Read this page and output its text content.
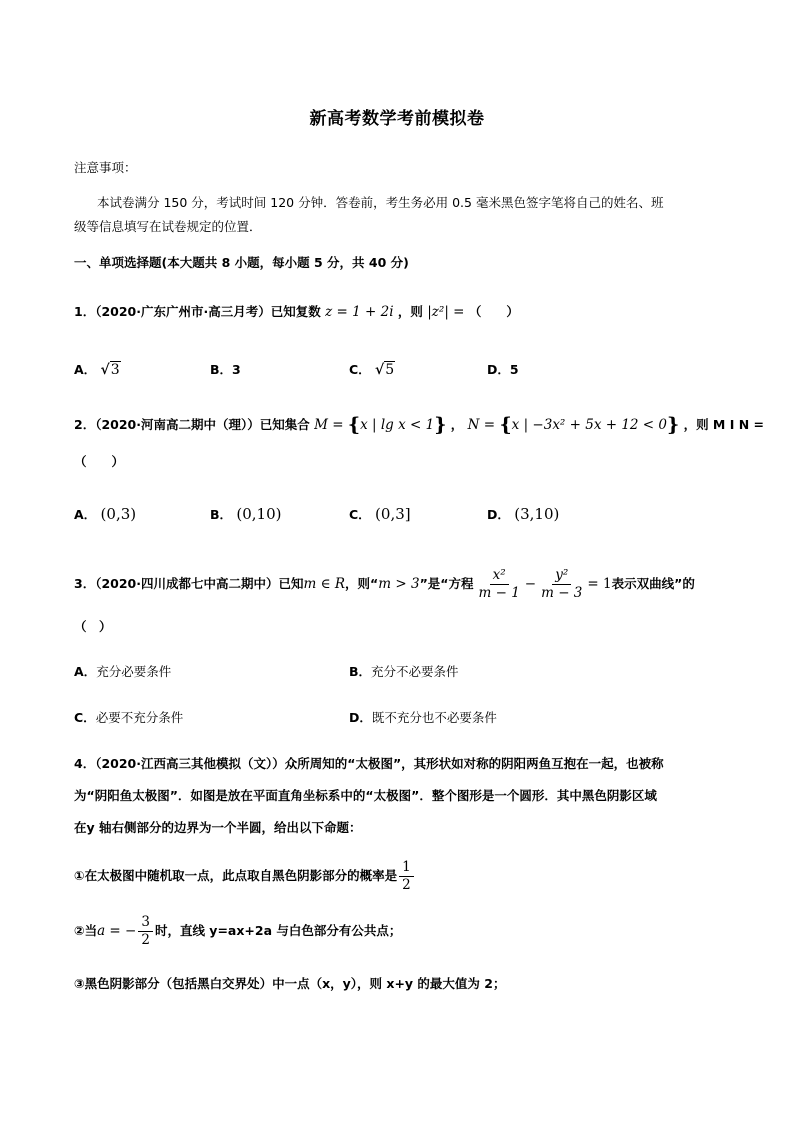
新高考数学考前模拟卷
注意事项：
本试卷满分 150 分，考试时间 120 分钟．答卷前，考生务必用 0.5 毫米黑色签字笔将自己的姓名、班
级等信息填写在试卷规定的位置．
一、单项选择题(本大题共 8 小题，每小题 5 分，共 40 分)
1．（2020·广东广州市·高三月考）已知复数 z = 1 + 2i ，则 |z²| = （　　）
A． √3	B．3	C． √5	D．5
2．（2020·河南高二期中（理））已知集合 M = {x | lg x < 1} ， N = {x | −3x² + 5x + 12 < 0} ，则 M I N =
（　　）
A． (0,3)	B． (0,10)	C． (0,3]	D． (3,10)
3．（2020·四川成都七中高二期中）已知m ∈ R，则“m > 3”是“方程 $\frac{\text{x²}}{m - 1} - \frac{\text{y²}}{m - 3} = 1$表示双曲线”的
（　）
A．充分必要条件	B．充分不必要条件
C．必要不充分条件	D．既不充分也不必要条件
4．（2020·江西高三其他模拟（文））众所周知的“太极图”，其形状如对称的阴阳两鱼互抱在一起，也被称
为“阴阳鱼太极图”．如图是放在平面直角坐标系中的“太极图”．整个图形是一个圆形．其中黑色阴影区域
在y 轴右侧部分的边界为一个半圆，给出以下命题：
①在太极图中随机取一点，此点取自黑色阴影部分的概率是 $\frac{1}{2}$
②当a = − $\frac{3}{2}$ 时，直线 y=ax+2a 与白色部分有公共点；
③黑色阴影部分（包括黑白交界处）中一点（x，y），则 x+y 的最大值为 2；
